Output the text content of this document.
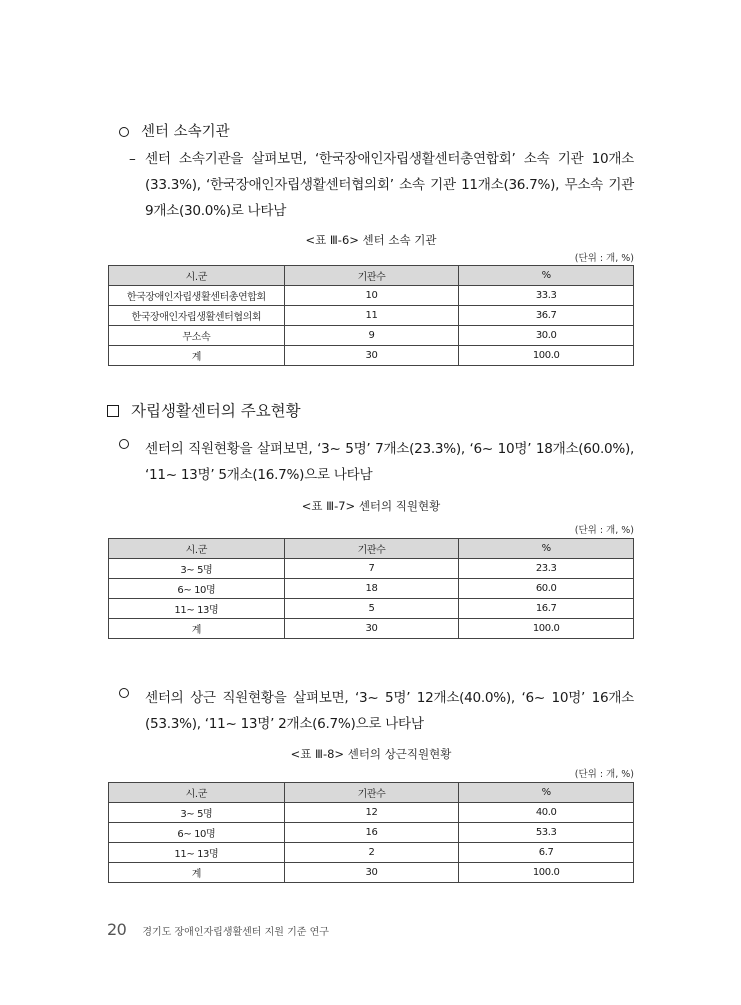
센터 소속기관
– 센터 소속기관을 살펴보면, ‘한국장애인자립생활센터총연합회’ 소속 기관 10개소(33.3%), ‘한국장애인자립생활센터협의회’ 소속 기관 11개소(36.7%), 무소속 기관 9개소(30.0%)로 나타남
<표 Ⅲ-6> 센터 소속 기관
(단위 : 개, %)
시.군	기관수	%
한국장애인자립생활센터총연합회	10	33.3
한국장애인자립생활센터협의회	11	36.7
무소속	9	30.0
계	30	100.0
자립생활센터의 주요현황
센터의 직원현황을 살펴보면, ‘3~ 5명’ 7개소(23.3%), ‘6~ 10명’ 18개소(60.0%), ‘11~ 13명’ 5개소(16.7%)으로 나타남
<표 Ⅲ-7> 센터의 직원현황
(단위 : 개, %)
시.군	기관수	%
3~ 5명	7	23.3
6~ 10명	18	60.0
11~ 13명	5	16.7
계	30	100.0
센터의 상근 직원현황을 살펴보면, ‘3~ 5명’ 12개소(40.0%), ‘6~ 10명’ 16개소(53.3%), ‘11~ 13명’ 2개소(6.7%)으로 나타남
<표 Ⅲ-8> 센터의 상근직원현황
(단위 : 개, %)
시.군	기관수	%
3~ 5명	12	40.0
6~ 10명	16	53.3
11~ 13명	2	6.7
계	30	100.0
20 경기도 장애인자립생활센터 지원 기준 연구
